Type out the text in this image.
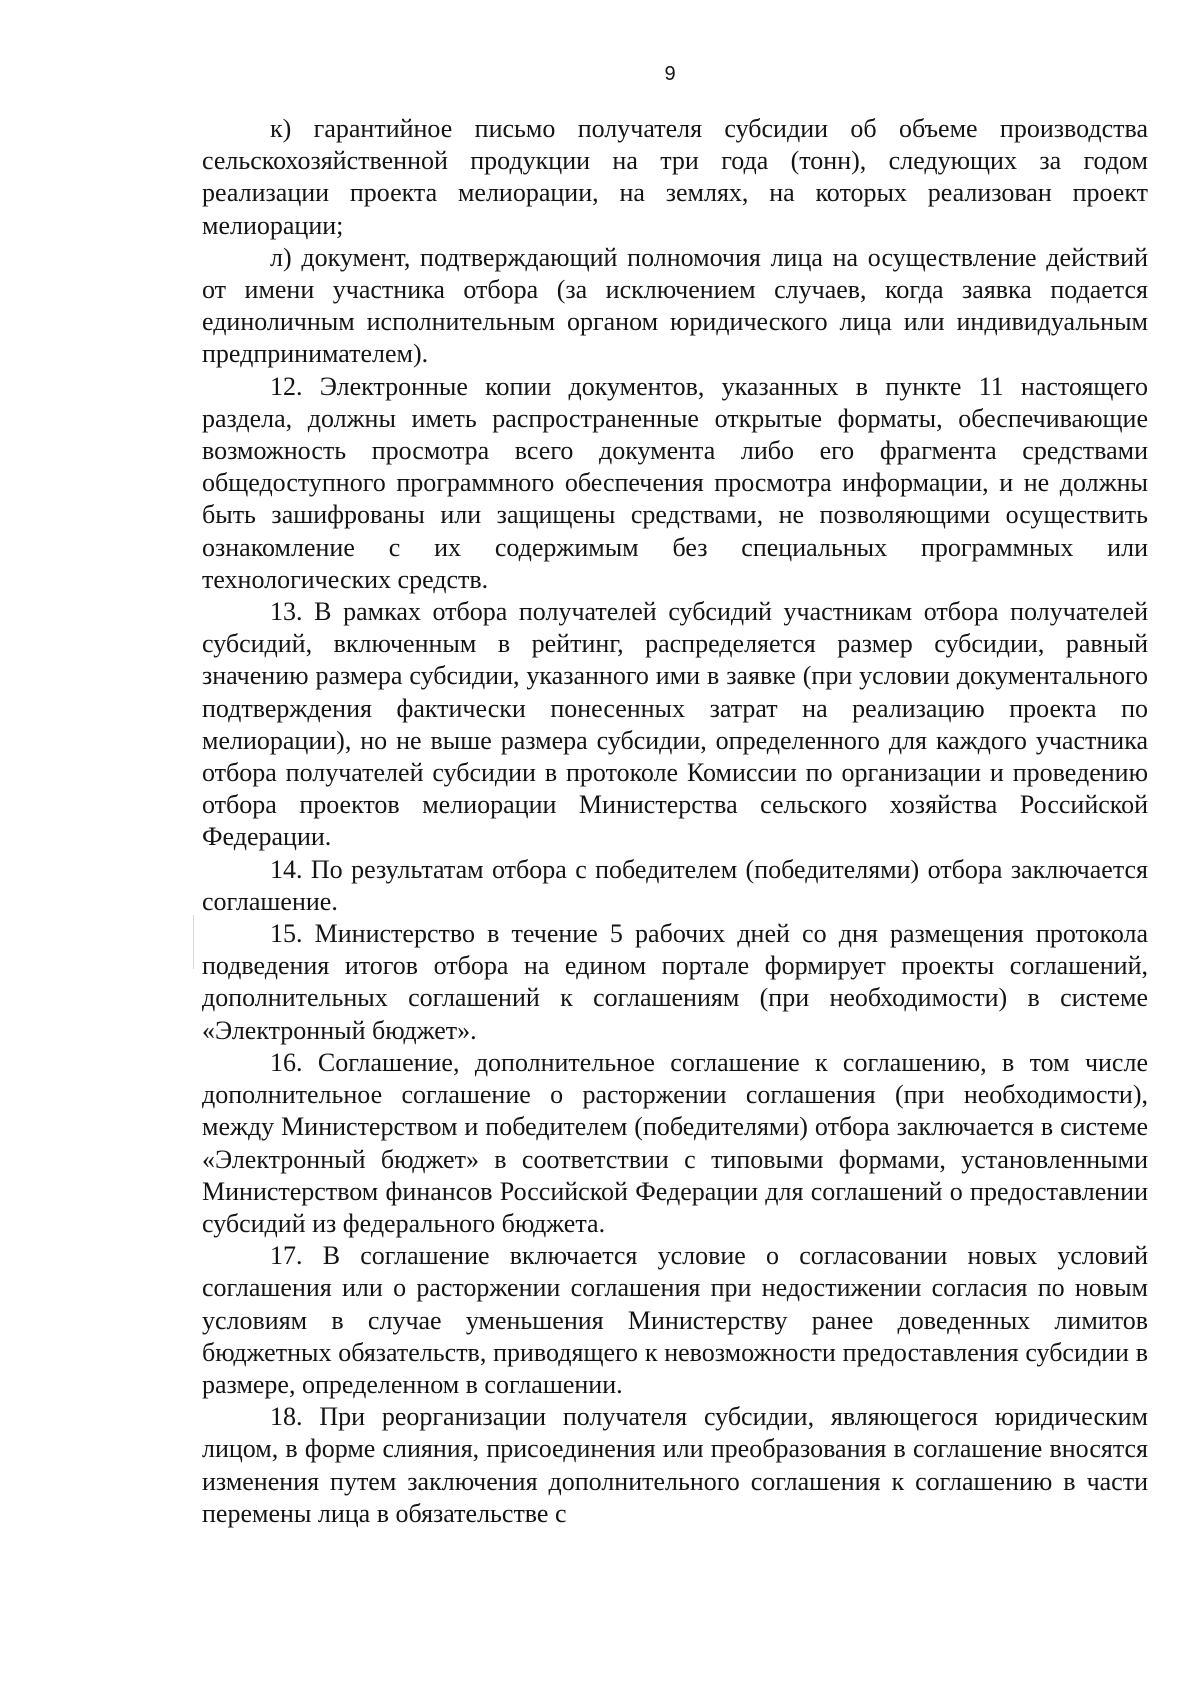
9

к) гарантийное письмо получателя субсидии об объеме производства сельскохозяйственной продукции на три года (тонн), следующих за годом реализации проекта мелиорации, на землях, на которых реализован проект мелиорации;

л) документ, подтверждающий полномочия лица на осуществление действий от имени участника отбора (за исключением случаев, когда заявка подается единоличным исполнительным органом юридического лица или индивидуальным предпринимателем).

12. Электронные копии документов, указанных в пункте 11 настоящего раздела, должны иметь распространенные открытые форматы, обеспечивающие возможность просмотра всего документа либо его фрагмента средствами общедоступного программного обеспечения просмотра информации, и не должны быть зашифрованы или защищены средствами, не позволяющими осуществить ознакомление с их содержимым без специальных программных или технологических средств.

13. В рамках отбора получателей субсидий участникам отбора получателей субсидий, включенным в рейтинг, распределяется размер субсидии, равный значению размера субсидии, указанного ими в заявке (при условии документального подтверждения фактически понесенных затрат на реализацию проекта по мелиорации), но не выше размера субсидии, определенного для каждого участника отбора получателей субсидии в протоколе Комиссии по организации и проведению отбора проектов мелиорации Министерства сельского хозяйства Российской Федерации.

14. По результатам отбора с победителем (победителями) отбора заключается соглашение.

15. Министерство в течение 5 рабочих дней со дня размещения протокола подведения итогов отбора на едином портале формирует проекты соглашений, дополнительных соглашений к соглашениям (при необходимости) в системе «Электронный бюджет».

16. Соглашение, дополнительное соглашение к соглашению, в том числе дополнительное соглашение о расторжении соглашения (при необходимости), между Министерством и победителем (победителями) отбора заключается в системе «Электронный бюджет» в соответствии с типовыми формами, установленными Министерством финансов Российской Федерации для соглашений о предоставлении субсидий из федерального бюджета.

17. В соглашение включается условие о согласовании новых условий соглашения или о расторжении соглашения при недостижении согласия по новым условиям в случае уменьшения Министерству ранее доведенных лимитов бюджетных обязательств, приводящего к невозможности предоставления субсидии в размере, определенном в соглашении.

18. При реорганизации получателя субсидии, являющегося юридическим лицом, в форме слияния, присоединения или преобразования в соглашение вносятся изменения путем заключения дополнительного соглашения к соглашению в части перемены лица в обязательстве с
